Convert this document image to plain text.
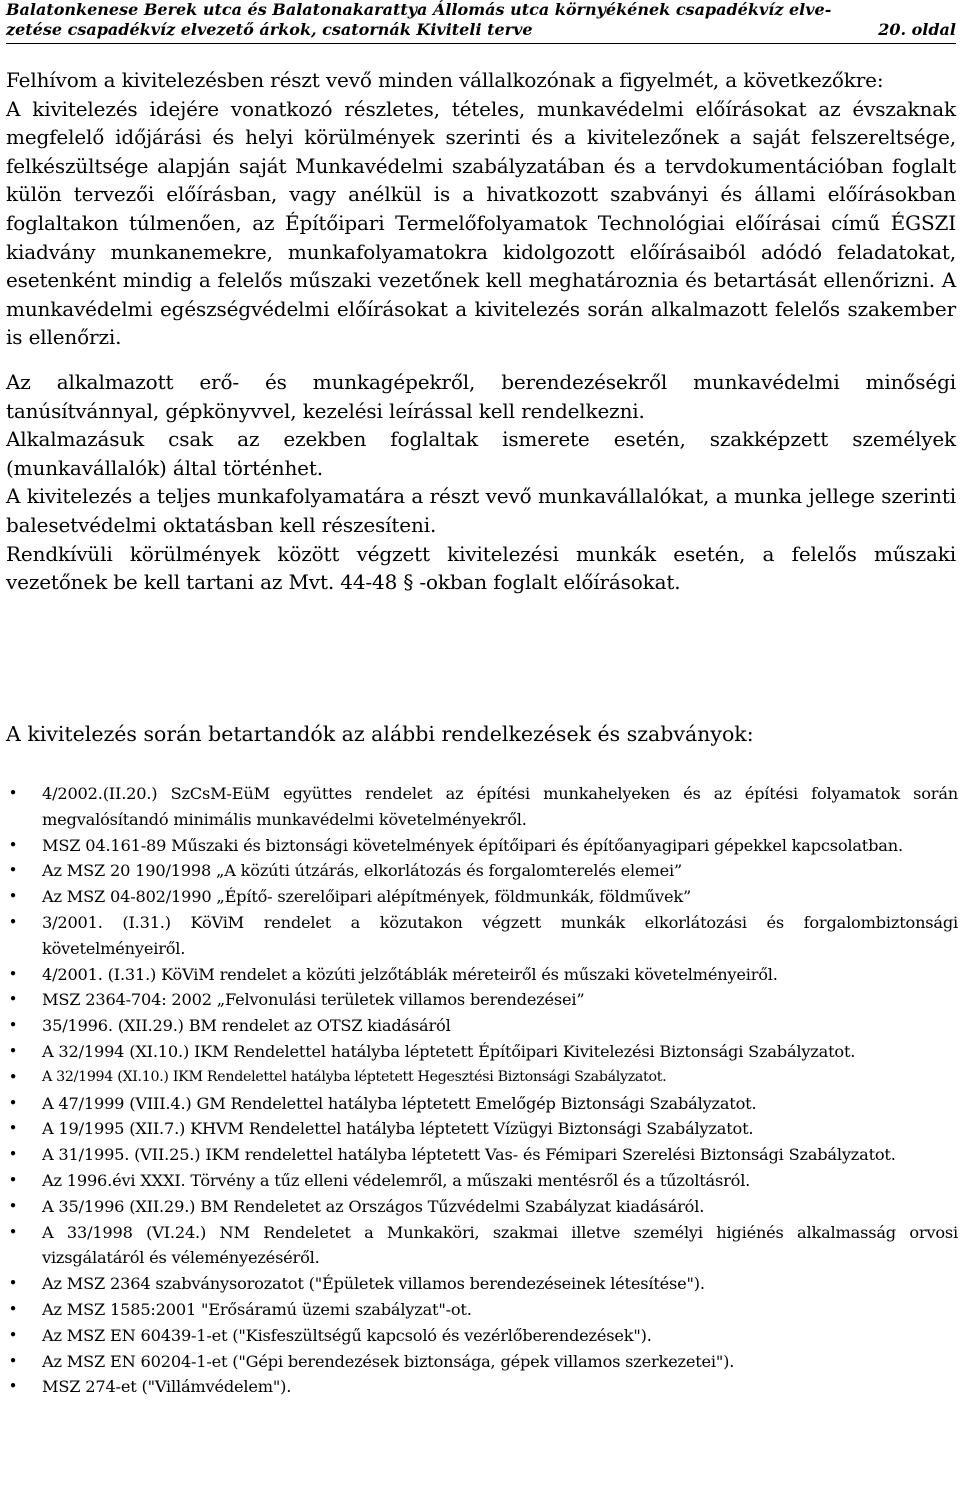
Balatonkenese Berek utca és Balatonakarattya Állomás utca környékének csapadékvíz elve-
zetése csapadékvíz elvezető árkok, csatornák Kiviteli terve	20. oldal

Felhívom a kivitelezésben részt vevő minden vállalkozónak a figyelmét, a következőkre:

A kivitelezés idejére vonatkozó részletes, tételes, munkavédelmi előírásokat az évszaknak megfelelő időjárási és helyi körülmények szerinti és a kivitelezőnek a saját felszereltsége, felkészültsége alapján saját Munkavédelmi szabályzatában és a tervdokumentációban foglalt külön tervezői előírásban, vagy anélkül is a hivatkozott szabványi és állami előírásokban foglaltakon túlmenően, az Építőipari Termelőfolyamatok Technológiai előírásai című ÉGSZI kiadvány munkanemekre, munkafolyamatokra kidolgozott előírásaiból adódó feladatokat, esetenként mindig a felelős műszaki vezetőnek kell meghatároznia és betartását ellenőrizni. A munkavédelmi egészségvédelmi előírásokat a kivitelezés során alkalmazott felelős szakember is ellenőrzi.

Az alkalmazott erő- és munkagépekről, berendezésekről munkavédelmi minőségi tanúsítvánnyal, gépkönyvvel, kezelési leírással kell rendelkezni.

Alkalmazásuk csak az ezekben foglaltak ismerete esetén, szakképzett személyek (munkavállalók) által történhet.

A kivitelezés a teljes munkafolyamatára a részt vevő munkavállalókat, a munka jellege szerinti balesetvédelmi oktatásban kell részesíteni.

Rendkívüli körülmények között végzett kivitelezési munkák esetén, a felelős műszaki vezetőnek be kell tartani az Mvt. 44-48 § -okban foglalt előírásokat.

A kivitelezés során betartandók az alábbi rendelkezések és szabványok:
• 4/2002.(II.20.) SzCsM-EüM együttes rendelet az építési munkahelyeken és az építési folyamatok során megvalósítandó minimális munkavédelmi követelményekről.
• MSZ 04.161-89 Műszaki és biztonsági követelmények építőipari és építőanyagipari gépekkel kapcsolatban.
• Az MSZ 20 190/1998 „A közúti útzárás, elkorlátozás és forgalomterelés elemei”
• Az MSZ 04-802/1990 „Építő- szerelőipari alépítmények, földmunkák, földművek”
• 3/2001. (I.31.) KöViM rendelet a közutakon végzett munkák elkorlátozási és forgalombiztonsági követelményeiről.
• 4/2001. (I.31.) KöViM rendelet a közúti jelzőtáblák méreteiről és műszaki követelményeiről.
• MSZ 2364-704: 2002 „Felvonulási területek villamos berendezései”
• 35/1996. (XII.29.) BM rendelet az OTSZ kiadásáról
• A 32/1994 (XI.10.) IKM Rendelettel hatályba léptetett Építőipari Kivitelezési Biztonsági Szabályzatot.
• A 32/1994 (XI.10.) IKM Rendelettel hatályba léptetett Hegesztési Biztonsági Szabályzatot.
• A 47/1999 (VIII.4.) GM Rendelettel hatályba léptetett Emelőgép Biztonsági Szabályzatot.
• A 19/1995 (XII.7.) KHVM Rendelettel hatályba léptetett Vízügyi Biztonsági Szabályzatot.
• A 31/1995. (VII.25.) IKM rendelettel hatályba léptetett Vas- és Fémipari Szerelési Biztonsági Szabályzatot.
• Az 1996.évi XXXI. Törvény a tűz elleni védelemről, a műszaki mentésről és a tűzoltásról.
• A 35/1996 (XII.29.) BM Rendeletet az Országos Tűzvédelmi Szabályzat kiadásáról.
• A 33/1998 (VI.24.) NM Rendeletet a Munkaköri, szakmai illetve személyi higiénés alkalmasság orvosi vizsgálatáról és véleményezéséről.
• Az MSZ 2364 szabványsorozatot ("Épületek villamos berendezéseinek létesítése").
• Az MSZ 1585:2001 "Erősáramú üzemi szabályzat"-ot.
• Az MSZ EN 60439-1-et ("Kisfeszültségű kapcsoló és vezérlőberendezések").
• Az MSZ EN 60204-1-et ("Gépi berendezések biztonsága, gépek villamos szerkezetei").
• MSZ 274-et ("Villámvédelem").
